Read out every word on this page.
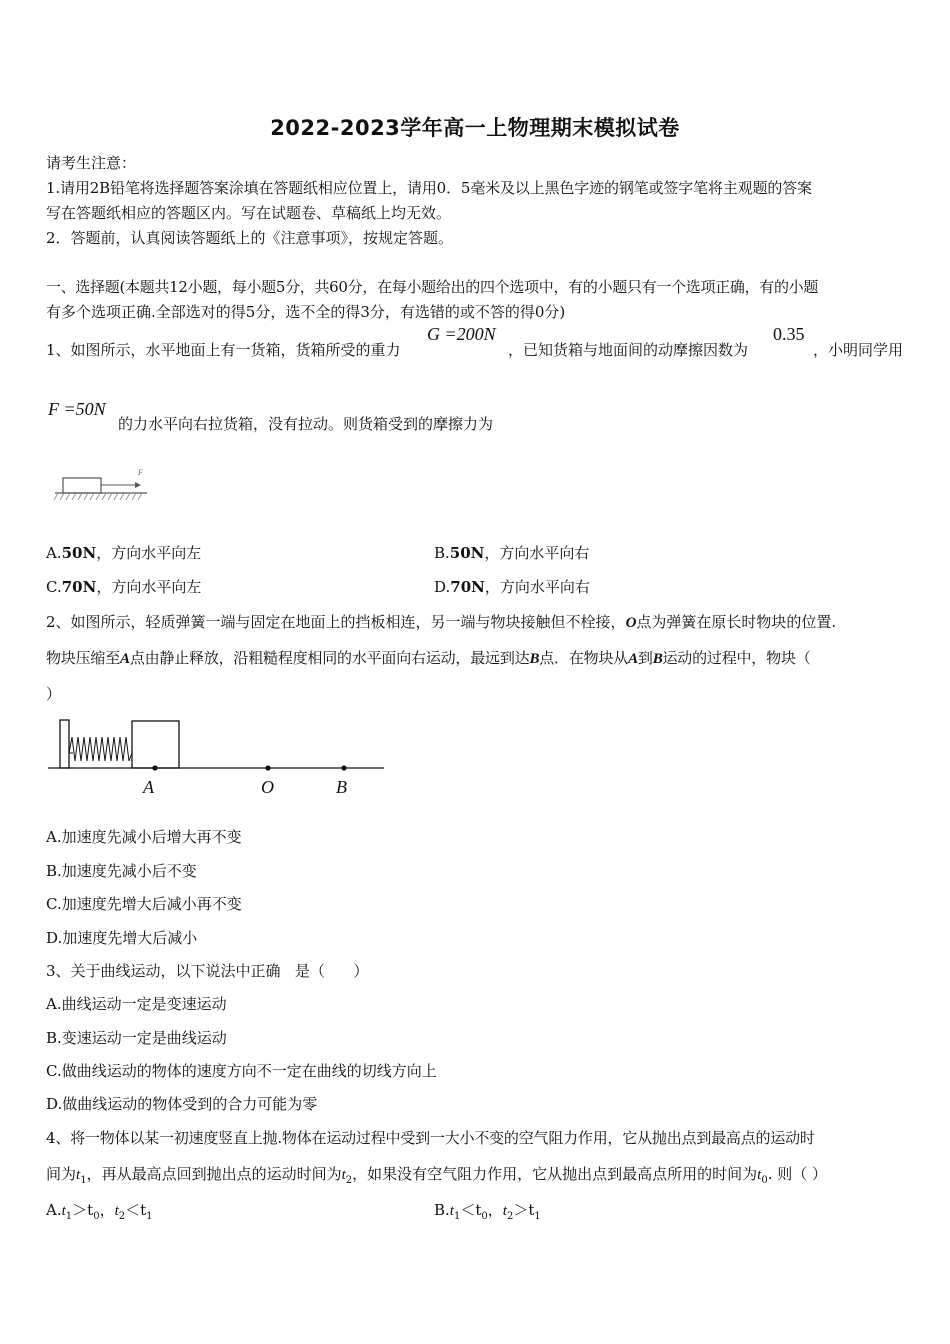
2022-2023学年高一上物理期末模拟试卷
请考生注意：
1.请用2B铅笔将选择题答案涂填在答题纸相应位置上，请用0．5毫米及以上黑色字迹的钢笔或签字笔将主观题的答案
写在答题纸相应的答题区内。写在试题卷、草稿纸上均无效。
2．答题前，认真阅读答题纸上的《注意事项》，按规定答题。
一、选择题(本题共12小题，每小题5分，共60分，在每小题给出的四个选项中，有的小题只有一个选项正确，有的小题
有多个选项正确.全部选对的得5分，选不全的得3分，有选错的或不答的得0分)
1、如图所示，水平地面上有一货箱，货箱所受的重力
G =200N
，已知货箱与地面间的动摩擦因数为
0.35
，小明同学用
F =50N
的力水平向右拉货箱，没有拉动。则货箱受到的摩擦力为
F
A.50N，方向水平向左	B.50N，方向水平向右
C.70N，方向水平向左	D.70N，方向水平向右
2、如图所示，轻质弹簧一端与固定在地面上的挡板相连，另一端与物块接触但不栓接，O点为弹簧在原长时物块的位置.
物块压缩至A点由静止释放，沿粗糙程度相同的水平面向右运动，最远到达B点．在物块从A到B运动的过程中，物块（
）
A	O	B
A.加速度先减小后增大再不变
B.加速度先减小后不变
C.加速度先增大后减小再不变
D.加速度先增大后减小
3、关于曲线运动，以下说法中正确   是（      ）
A.曲线运动一定是变速运动
B.变速运动一定是曲线运动
C.做曲线运动的物体的速度方向不一定在曲线的切线方向上
D.做曲线运动的物体受到的合力可能为零
4、将一物体以某一初速度竖直上抛.物体在运动过程中受到一大小不变的空气阻力作用，它从抛出点到最高点的运动时
间为$t_1$，再从最高点回到抛出点的运动时间为$t_2$，如果没有空气阻力作用，它从抛出点到最高点所用的时间为$t_0$. 则（ ）
$A.t_1>t_0$，$t_2<t_1$	$B.t_1<t_0$，$t_2>t_1$
